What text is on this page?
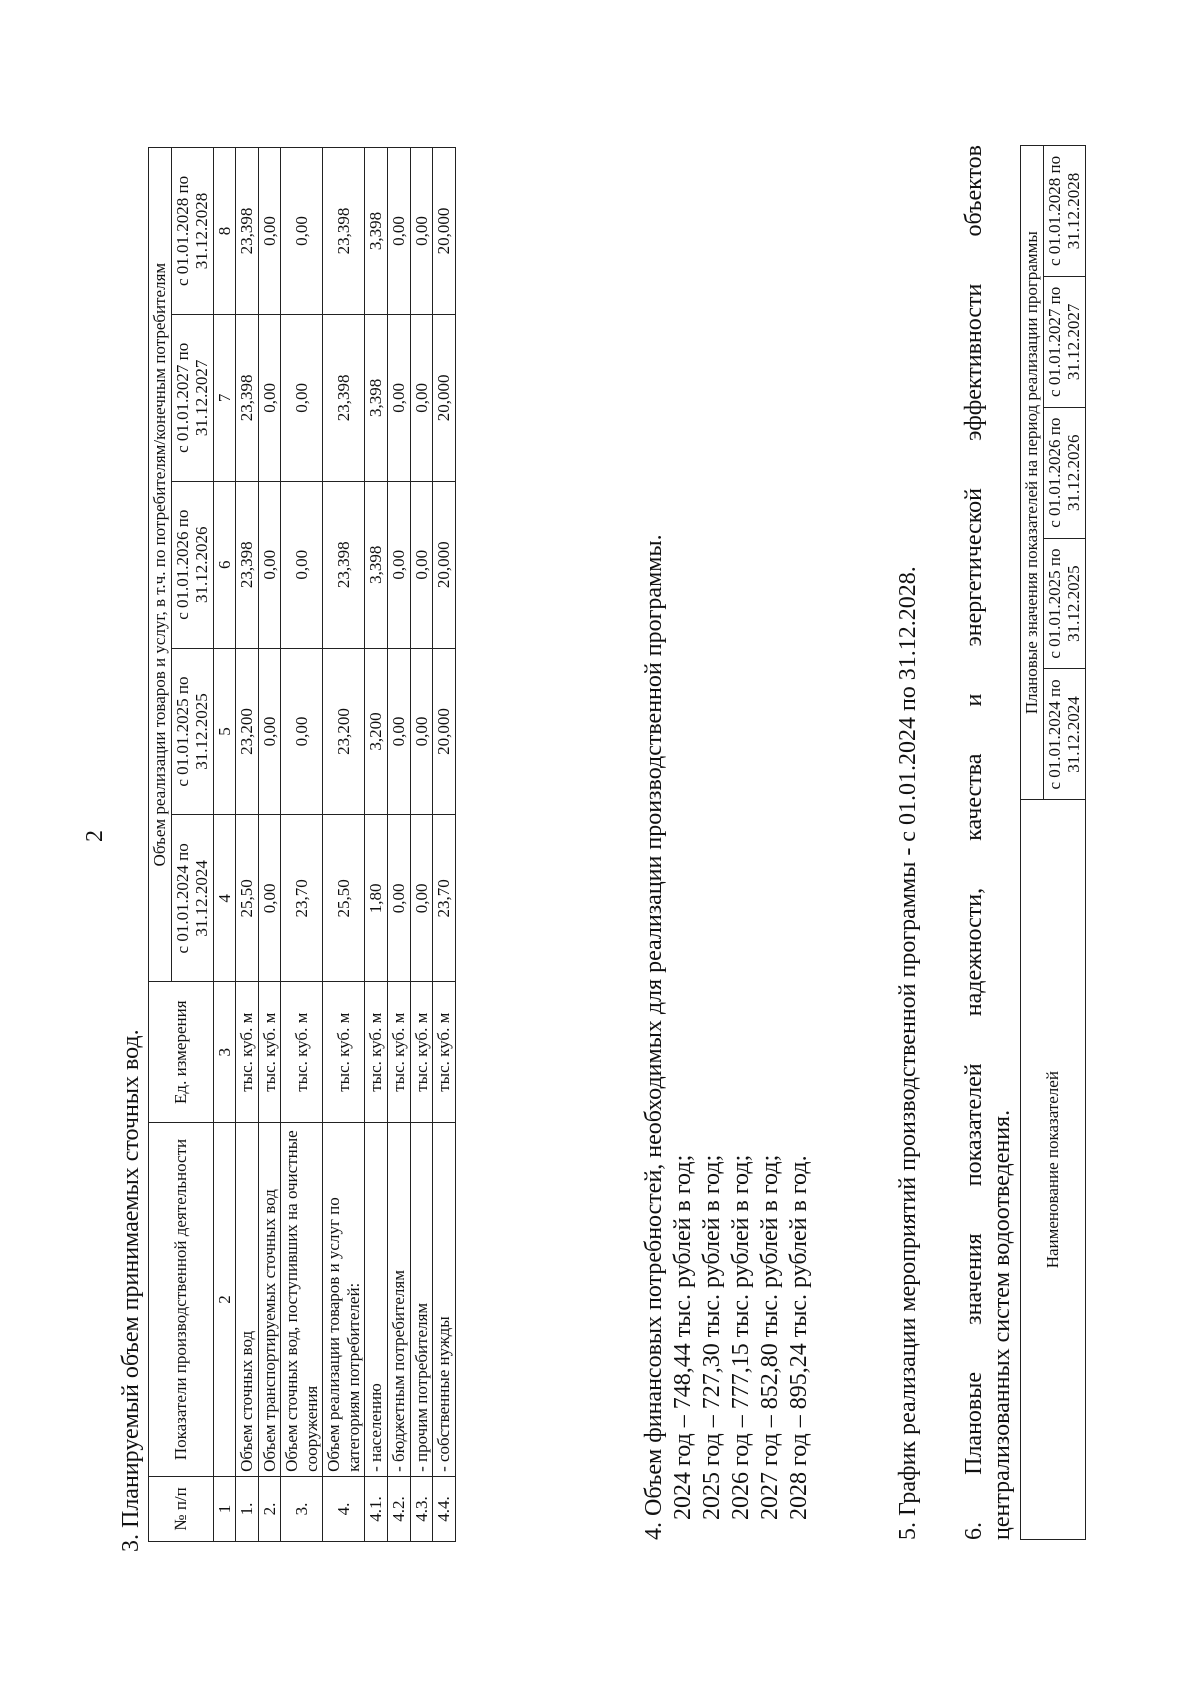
2
3. Планируемый объем принимаемых сточных вод. № п/п	Показатели производственной деятельности	Ед. измерения	Объем реализации товаров и услуг, в т.ч. по потребителям/конечным потребителям				
			с 01.01.2024 по 31.12.2024	с 01.01.2025 по 31.12.2025	с 01.01.2026 по 31.12.2026	с 01.01.2027 по 31.12.2027	с 01.01.2028 по 31.12.2028
1	2	3	4	5	6	7	8
1.	Объем сточных вод	тыс. куб. м	25,50	23,200	23,398	23,398	23,398
2.	Объем транспортируемых сточных вод	тыс. куб. м	0,00	0,00	0,00	0,00	0,00
3.	Объем сточных вод, поступивших на очистные сооружения	тыс. куб. м	23,70	0,00	0,00	0,00	0,00
4.	Объем реализации товаров и услуг по категориям потребителей:	тыс. куб. м	25,50	23,200	23,398	23,398	23,398
4.1.	- населению	тыс. куб. м	1,80	3,200	3,398	3,398	3,398
4.2.	- бюджетным потребителям	тыс. куб. м	0,00	0,00	0,00	0,00	0,00
4.3.	- прочим потребителям	тыс. куб. м	0,00	0,00	0,00	0,00	0,00
4.4.	- собственные нужды	тыс. куб. м	23,70	20,000	20,000	20,000	20,000
4. Объем финансовых потребностей, необходимых для реализации производственной программы. 2024 год – 748,44 тыс. рублей в год; 2025 год – 727,30 тыс. рублей в год; 2026 год – 777,15 тыс. рублей в год; 2027 год – 852,80 тыс. рублей в год; 2028 год – 895,24 тыс. рублей в год.	5. График реализации мероприятий производственной программы - с 01.01.2024 по 31.12.2028. 6. Плановые значения показателей надежности, качества и энергетической эффективности объектов централизованных систем водоотведения. Наименование показателей	Плановые значения показателей на период реализации программы				
	с 01.01.2024 по 31.12.2024	с 01.01.2025 по 31.12.2025	с 01.01.2026 по 31.12.2026	с 01.01.2027 по 31.12.2027	с 01.01.2028 по 31.12.2028
